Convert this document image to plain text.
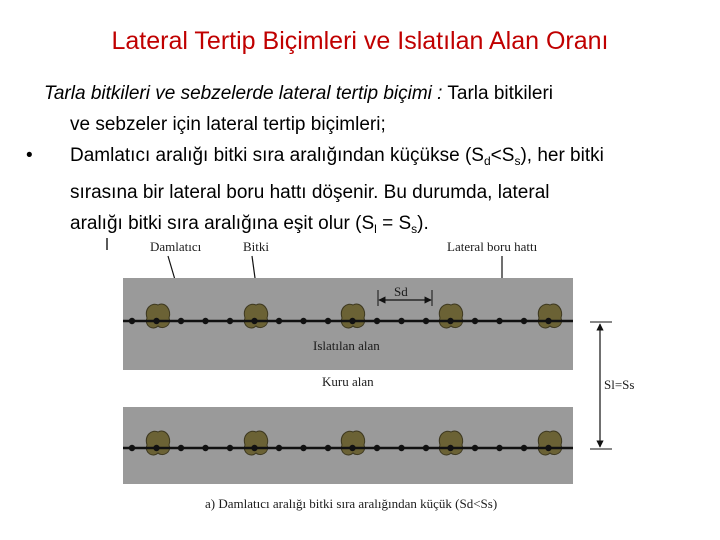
Lateral Tertip Biçimleri ve Islatılan Alan Oranı
Tarla bitkileri ve sebzelerde lateral tertip biçimi : Tarla bitkileri
ve sebzeler için lateral tertip biçimleri;
• Damlatıcı aralığı bitki sıra aralığından küçükse $(S_d<S_s)$, her bitki
sırasına bir lateral boru hattı döşenir. Bu durumda, lateral
aralığı bitki sıra aralığına eşit olur $(S_l = S_s)$.
Damlatıcı	Bitki	Lateral boru hattı
Sd
Islatılan alan
Kuru alan	Sl=Ss
a) Damlatıcı aralığı bitki sıra aralığından küçük (Sd<Ss)
